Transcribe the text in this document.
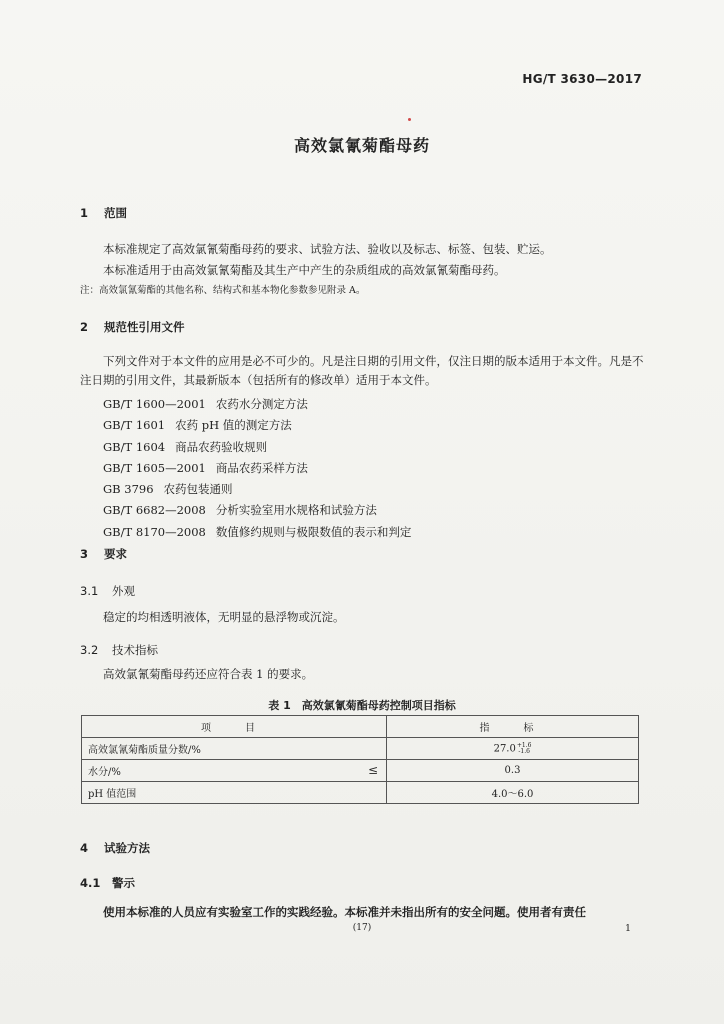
HG/T 3630—2017
高效氯氰菊酯母药
1 范围
本标准规定了高效氯氰菊酯母药的要求、试验方法、验收以及标志、标签、包装、贮运。
本标准适用于由高效氯氰菊酯及其生产中产生的杂质组成的高效氯氰菊酯母药。
注：高效氯氰菊酯的其他名称、结构式和基本物化参数参见附录 A。
2 规范性引用文件
下列文件对于本文件的应用是必不可少的。凡是注日期的引用文件，仅注日期的版本适用于本文件。凡是不注日期的引用文件，其最新版本（包括所有的修改单）适用于本文件。
GB/T 1600—2001 农药水分测定方法
GB/T 1601 农药 pH 值的测定方法
GB/T 1604 商品农药验收规则
GB/T 1605—2001 商品农药采样方法
GB 3796 农药包装通则
GB/T 6682—2008 分析实验室用水规格和试验方法
GB/T 8170—2008 数值修约规则与极限数值的表示和判定
3 要求
3.1 外观
稳定的均相透明液体，无明显的悬浮物或沉淀。
3.2 技术指标
高效氯氰菊酯母药还应符合表 1 的要求。
表 1　高效氯氰菊酯母药控制项目指标
项　目	指　标
高效氯氰菊酯质量分数/%	27.0 +1.6
-1.6

水分/% ≤	0.3
pH 值范围	4.0～6.0
4 试验方法
4.1 警示
使用本标准的人员应有实验室工作的实践经验。本标准并未指出所有的安全问题。使用者有责任
(17)	1
